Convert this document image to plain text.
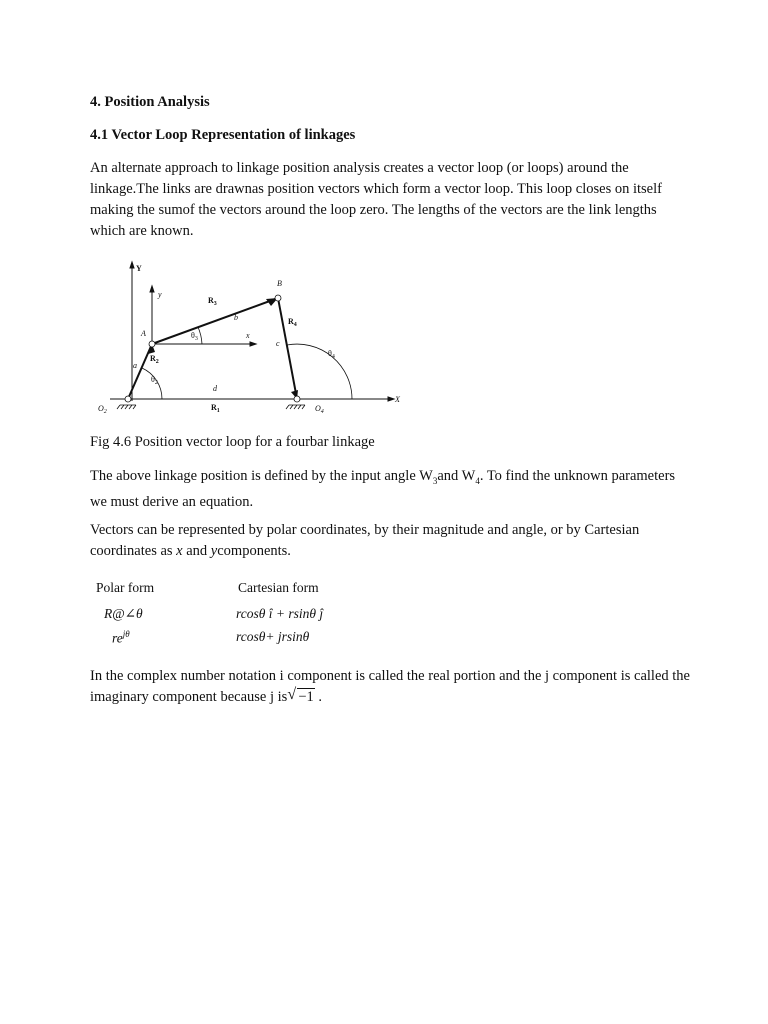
4. Position Analysis
4.1 Vector Loop Representation of linkages
An alternate approach to linkage position analysis creates a vector loop (or loops) around the linkage.The links are drawnas position vectors which form a vector loop. This loop closes on itself making the sumof the vectors around the loop zero. The lengths of the vectors are the link lengths which are known.
Y
y
X
x
A
B
$O_2$	$O_4$
$R_3$
$R_4$
$R_2$
$R_1$
a
b
c
d
$\theta_2$
$\theta_3$
$\theta_4$
Fig 4.6 Position vector loop for a fourbar linkage
The above linkage position is defined by the input angle $W_3and$ $W_4$. To find the unknown parameters we must derive an equation.
Vectors can be represented by polar coordinates, by their magnitude and angle, or by Cartesian coordinates as x and ycomponents.
Polar form	Cartesian form
R@∠θ	rcosθ î + rsinθ ĵ
$re^{j\theta}$	rcosθ+ jrsinθ
In the complex number notation i component is called the real portion and the j component is called the imaginary component because j is √ −1 .
